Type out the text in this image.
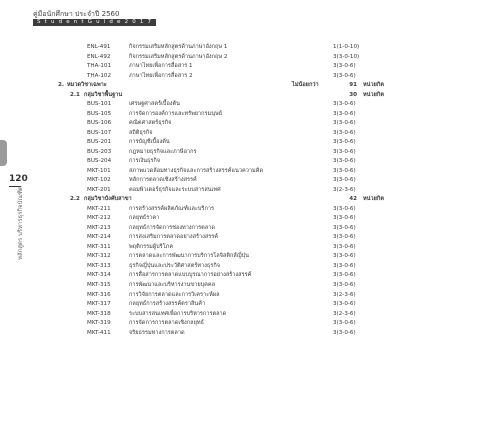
คู่มือนักศึกษา ประจำปี 2560
S t u d e n t G u i d e 2 0 1 7
120
หลักสูตร บริหารธุรกิจบัณฑิต
ENL-491	กิจกรรมเสริมหลักสูตรด้านภาษาอังกฤษ 1	1(1-0-10)
ENL-492	กิจกรรมเสริมหลักสูตรด้านภาษาอังกฤษ 2	3(3-0-10)
THA-101	ภาษาไทยเพื่อการสื่อสาร 1	3(3-0-6)
THA-102	ภาษาไทยเพื่อการสื่อสาร 2	3(3-0-6)
2. หมวดวิชาเฉพาะ	ไม่น้อยกว่า	91 หน่วยกิต
2.1 กลุ่มวิชาพื้นฐาน	30 หน่วยกิต
BUS-101	เศรษฐศาสตร์เบื้องต้น	3(3-0-6)
BUS-105	การจัดการองค์การและทรัพยากรมนุษย์	3(3-0-6)
BUS-106	คณิตศาสตร์ธุรกิจ	3(3-0-6)
BUS-107	สถิติธุรกิจ	3(3-0-6)
BUS-201	การบัญชีเบื้องต้น	3(3-0-6)
BUS-203	กฎหมายธุรกิจและภาษีอากร	3(3-0-6)
BUS-204	การเงินธุรกิจ	3(3-0-6)
MKT-101	สภาพแวดล้อมทางธุรกิจและการสร้างสรรค์แนวความคิด	3(3-0-6)
MKT-102	หลักการตลาดเชิงสร้างสรรค์	3(3-0-6)
MKT-201	คอมพิวเตอร์ธุรกิจและระบบสารสนเทศ	3(2-3-6)
2.2 กลุ่มวิชาบังคับสาขา	42 หน่วยกิต
MKT-211	การสร้างสรรค์ผลิตภัณฑ์และบริการ	3(3-0-6)
MKT-212	กลยุทธ์ราคา	3(3-0-6)
MKT-213	กลยุทธ์การจัดการช่องทางการตลาด	3(3-0-6)
MKT-214	การส่งเสริมการตลาดอย่างสร้างสรรค์	3(3-0-6)
MKT-311	พฤติกรรมผู้บริโภค	3(3-0-6)
MKT-312	การตลาดและการพัฒนาการบริการโลจิสติกส์ญี่ปุ่น	3(3-0-6)
MKT-313	ธุรกิจญี่ปุ่นและประวัติศาสตร์ทางธุรกิจ	3(3-0-6)
MKT-314	การสื่อสารการตลาดแบบบูรณาการอย่างสร้างสรรค์	3(3-0-6)
MKT-315	การพัฒนาและบริหารงานขายบุคคล	3(3-0-6)
MKT-316	การวิจัยการตลาดและการวิเคราะห์ผล	3(2-3-6)
MKT-317	กลยุทธ์การสร้างสรรค์ตราสินค้า	3(3-0-6)
MKT-318	ระบบสารสนเทศเพื่อการบริหารการตลาด	3(2-3-6)
MKT-319	การจัดการการตลาดเชิงกลยุทธ์	3(3-0-6)
MKT-411	จริยธรรมทางการตลาด	3(3-0-6)
